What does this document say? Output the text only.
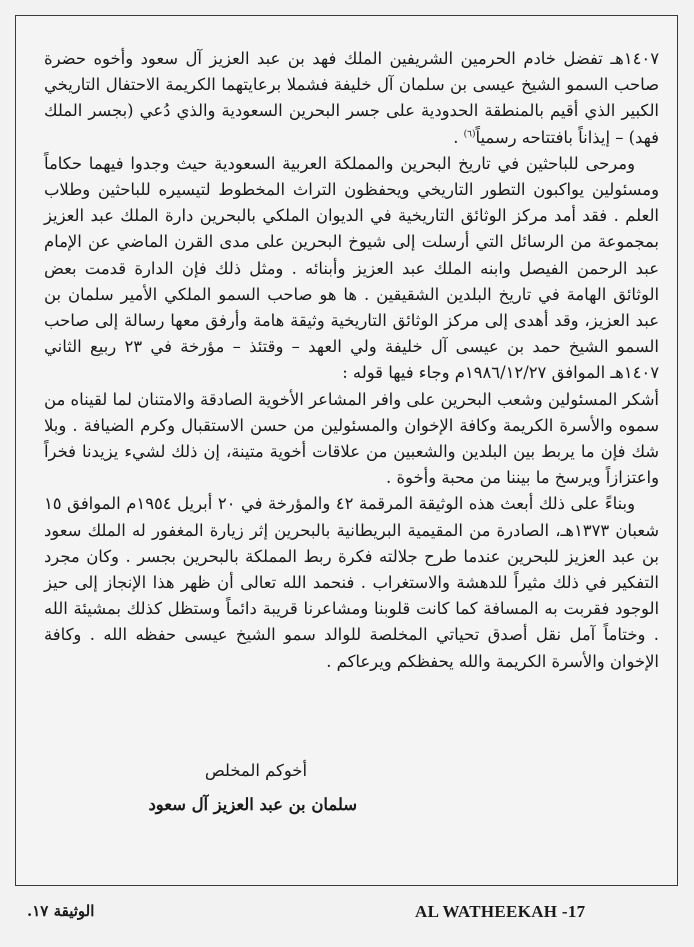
١٤٠٧هـ تفضل خادم الحرمين الشريفين الملك فهد بن عبد العزيز آل سعود وأخوه حضرة صاحب السمو الشيخ عيسى بن سلمان آل خليفة فشملا برعايتهما الكريمة الاحتفال التاريخي الكبير الذي أقيم بالمنطقة الحدودية على جسر البحرين السعودية والذي دُعي (بجسر الملك فهد) – إيذاناً بافتتاحه رسمياً$^{(٦)}$ .

ومرحى للباحثين في تاريخ البحرين والمملكة العربية السعودية حيث وجدوا فيهما حكاماً ومسئولين يواكبون التطور التاريخي ويحفظون التراث المخطوط لتيسيره للباحثين وطلاب العلم . فقد أمد مركز الوثائق التاريخية في الديوان الملكي بالبحرين دارة الملك عبد العزيز بمجموعة من الرسائل التي أرسلت إلى شيوخ البحرين على مدى القرن الماضي عن الإمام عبد الرحمن الفيصل وابنه الملك عبد العزيز وأبنائه . ومثل ذلك فإن الدارة قدمت بعض الوثائق الهامة في تاريخ البلدين الشقيقين . ها هو صاحب السمو الملكي الأمير سلمان بن عبد العزيز، وقد أهدى إلى مركز الوثائق التاريخية وثيقة هامة وأرفق معها رسالة إلى صاحب السمو الشيخ حمد بن عيسى آل خليفة ولي العهد – وقتئذ – مؤرخة في ٢٣ ربيع الثاني ١٤٠٧هـ الموافق ١٩٨٦/١٢/٢٧م وجاء فيها قوله :

أشكر المسئولين وشعب البحرين على وافر المشاعر الأخوية الصادقة والامتنان لما لقيناه من سموه والأسرة الكريمة وكافة الإخوان والمسئولين من حسن الاستقبال وكرم الضيافة . وبلا شك فإن ما يربط بين البلدين والشعبين من علاقات أخوية متينة، إن ذلك لشيء يزيدنا فخراً واعتزازاً ويرسخ ما بيننا من محبة وأخوة .

وبناءً على ذلك أبعث هذه الوثيقة المرقمة ٤٢ والمؤرخة في ٢٠ أبريل ١٩٥٤م الموافق ١٥ شعبان ١٣٧٣هـ، الصادرة من المقيمية البريطانية بالبحرين إثر زيارة المغفور له الملك سعود بن عبد العزيز للبحرين عندما طرح جلالته فكرة ربط المملكة بالبحرين بجسر . وكان مجرد التفكير في ذلك مثيراً للدهشة والاستغراب . فنحمد الله تعالى أن ظهر هذا الإنجاز إلى حيز الوجود فقربت به المسافة كما كانت قلوبنا ومشاعرنا قريبة دائماً وستظل كذلك بمشيئة الله . وختاماً آمل نقل أصدق تحياتي المخلصة للوالد سمو الشيخ عيسى حفظه الله . وكافة الإخوان والأسرة الكريمة والله يحفظكم ويرعاكم .

أخوكم المخلص
سلمان بن عبد العزيز آل سعود
AL WATHEEKAH -17
الوثيقة ١٧.
